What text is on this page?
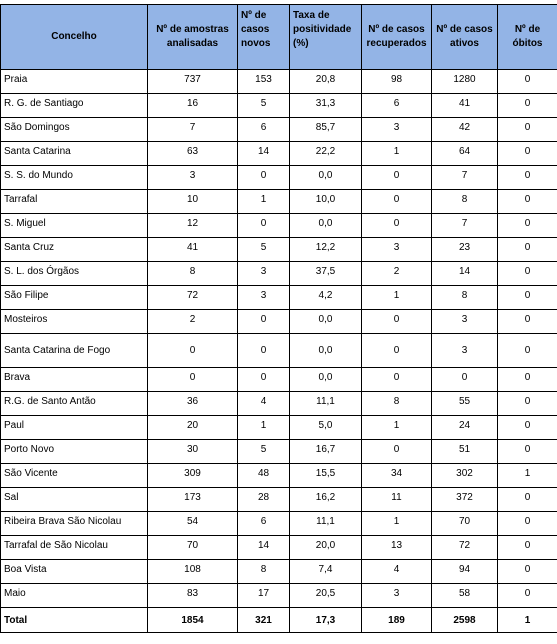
Concelho	Nº de amostras analisadas	Nº de casos novos	Taxa de positividade (%)	Nº de casos recuperados	Nº de casos ativos	Nº de óbitos
Praia	737	153	20,8	98	1280	0
R. G. de Santiago	16	5	31,3	6	41	0
São Domingos	7	6	85,7	3	42	0
Santa Catarina	63	14	22,2	1	64	0
S. S. do Mundo	3	0	0,0	0	7	0
Tarrafal	10	1	10,0	0	8	0
S. Miguel	12	0	0,0	0	7	0
Santa Cruz	41	5	12,2	3	23	0
S. L. dos Órgãos	8	3	37,5	2	14	0
São Filipe	72	3	4,2	1	8	0
Mosteiros	2	0	0,0	0	3	0
Santa Catarina de Fogo	0	0	0,0	0	3	0
Brava	0	0	0,0	0	0	0
R.G. de Santo Antão	36	4	11,1	8	55	0
Paul	20	1	5,0	1	24	0
Porto Novo	30	5	16,7	0	51	0
São Vicente	309	48	15,5	34	302	1
Sal	173	28	16,2	11	372	0
Ribeira Brava São Nicolau	54	6	11,1	1	70	0
Tarrafal de São Nicolau	70	14	20,0	13	72	0
Boa Vista	108	8	7,4	4	94	0
Maio	83	17	20,5	3	58	0
Total	1854	321	17,3	189	2598	1
